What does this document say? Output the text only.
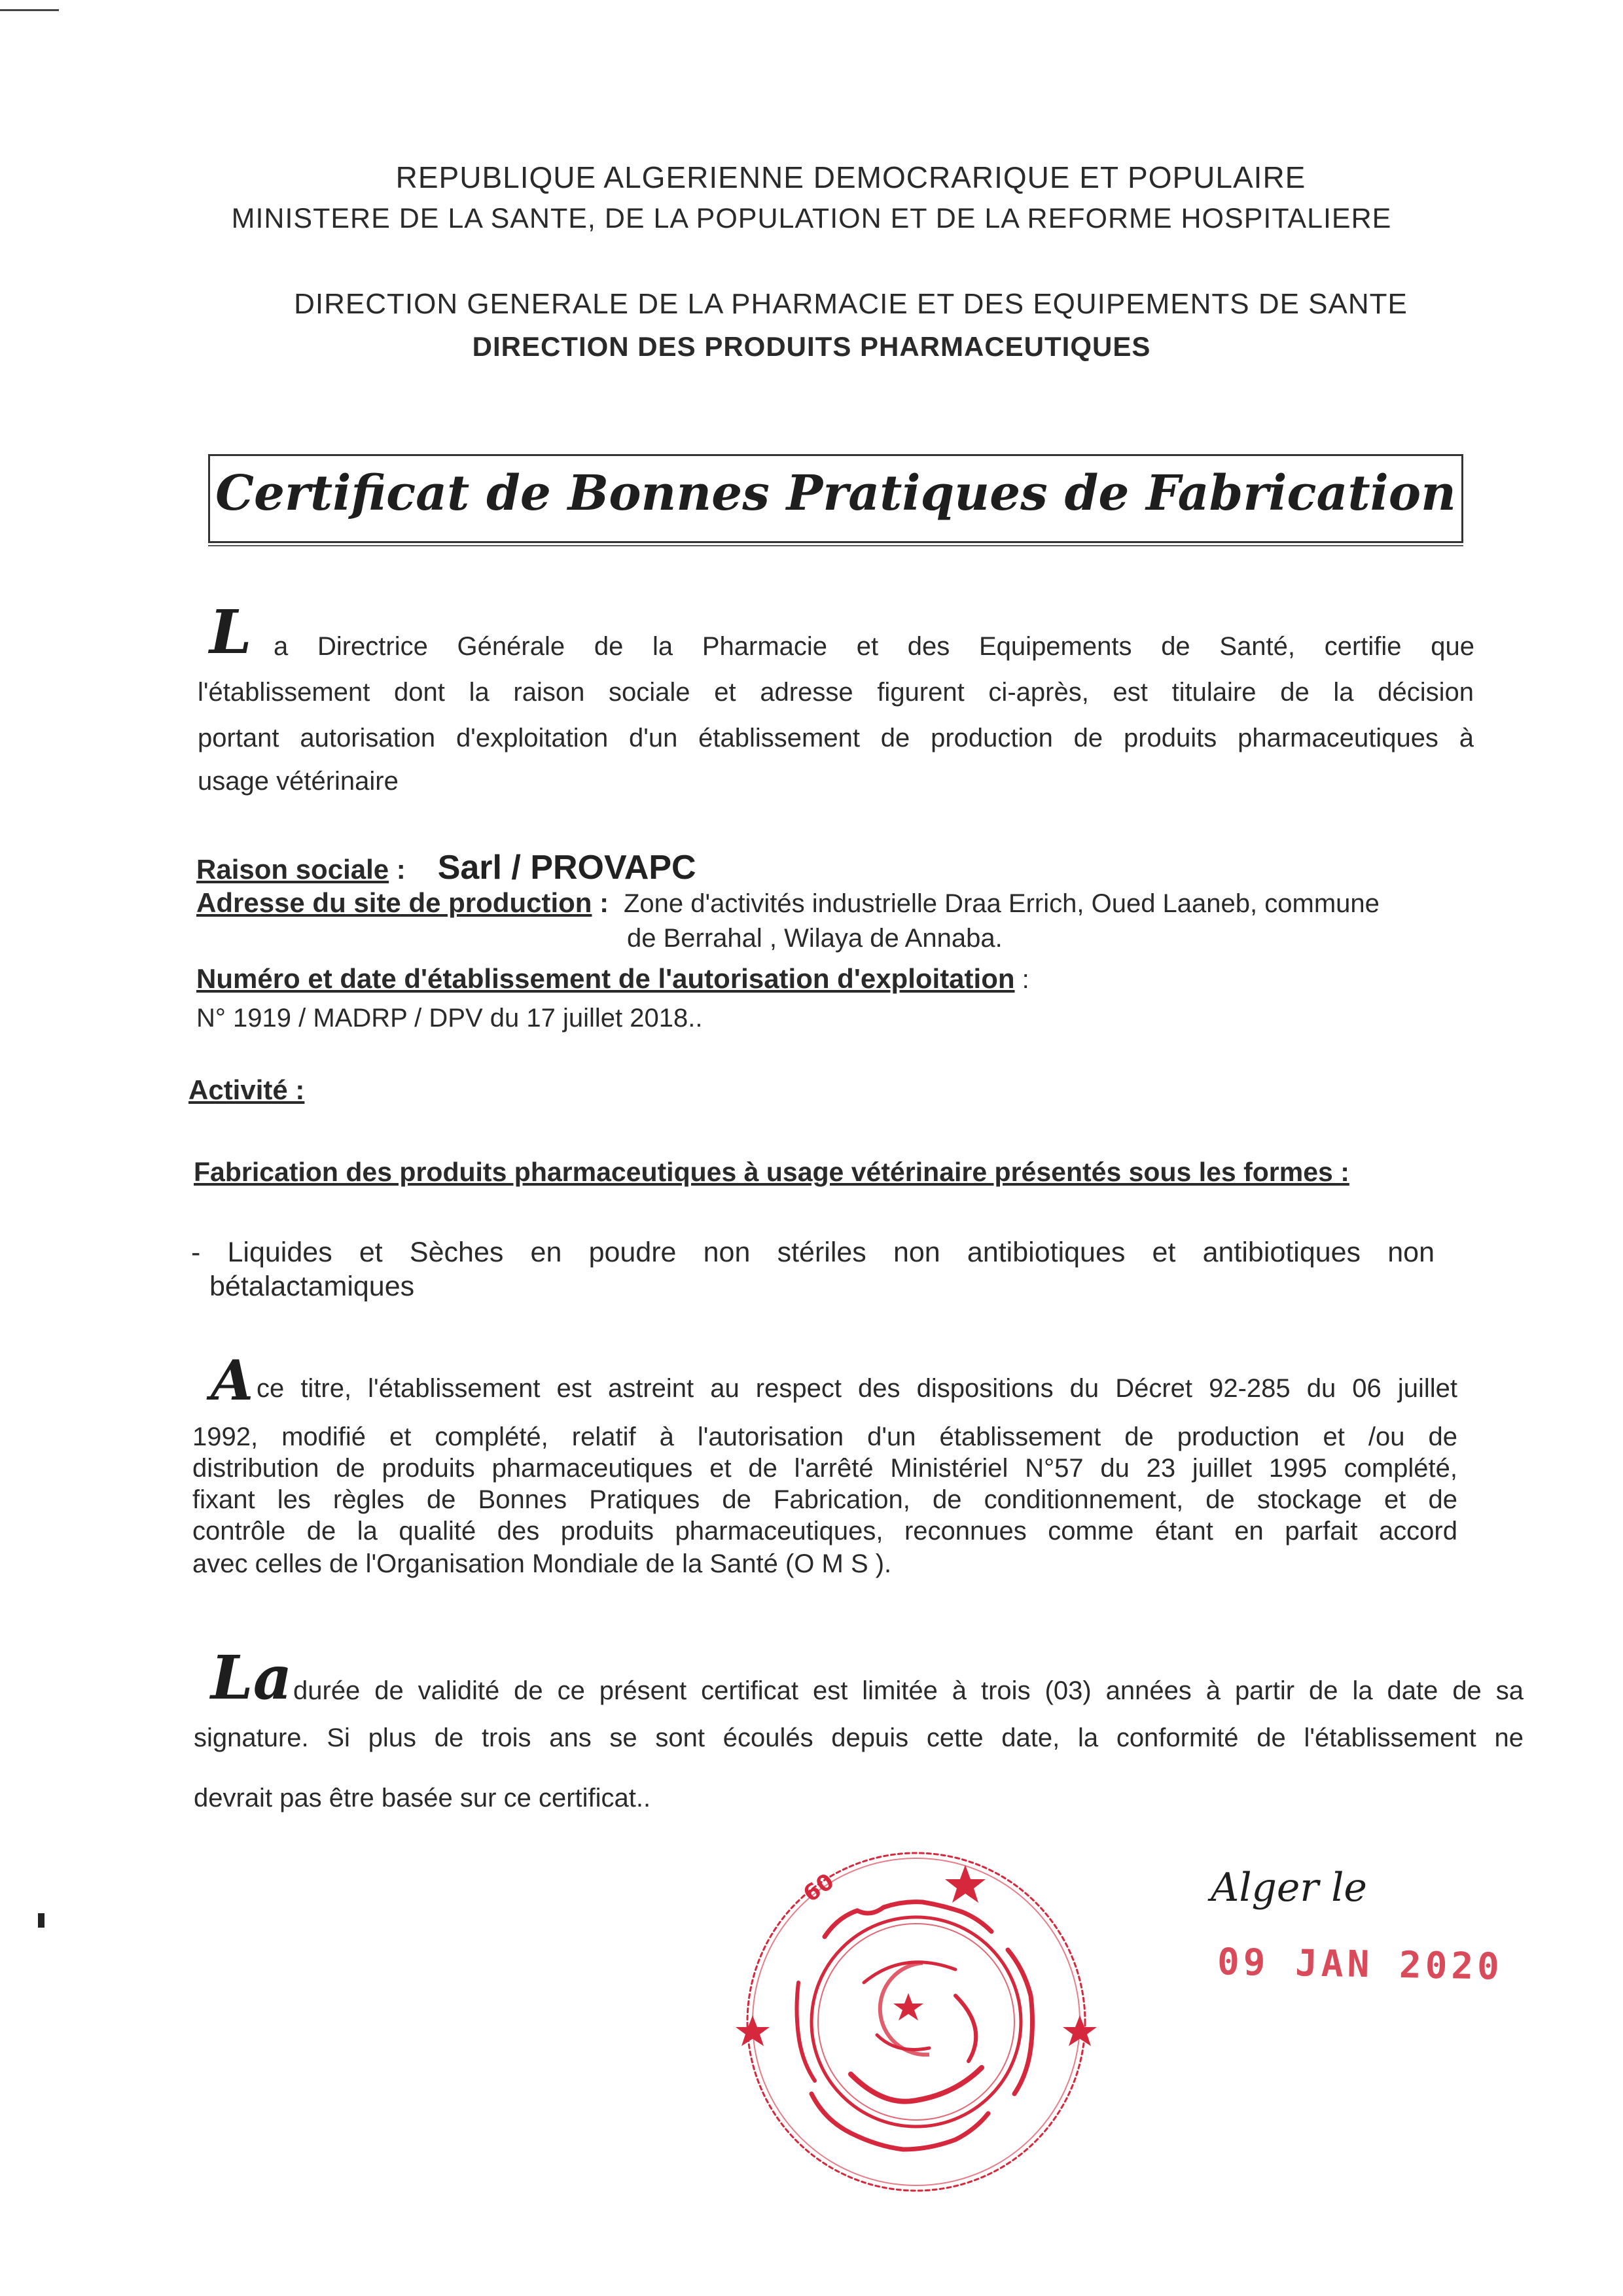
REPUBLIQUE ALGERIENNE DEMOCRARIQUE ET POPULAIRE
MINISTERE DE LA SANTE, DE LA POPULATION ET DE LA REFORME HOSPITALIERE
DIRECTION GENERALE DE LA PHARMACIE ET DES EQUIPEMENTS DE SANTE
DIRECTION DES PRODUITS PHARMACEUTIQUES
Certificat de Bonnes Pratiques de Fabrication
L a Directrice Générale de la Pharmacie et des Equipements de Santé, certifie que
l'établissement dont la raison sociale et adresse figurent ci-après, est titulaire de la décision
portant autorisation d'exploitation d'un établissement de production de produits pharmaceutiques à
usage vétérinaire
Raison sociale : Sarl / PROVAPC
Adresse du site de production : Zone d'activités industrielle Draa Errich, Oued Laaneb, commune
de Berrahal , Wilaya de Annaba.
Numéro et date d'établissement de l'autorisation d'exploitation :
N° 1919 / MADRP / DPV du 17 juillet 2018..
Activité :
Fabrication des produits pharmaceutiques à usage vétérinaire présentés sous les formes :
- Liquides et Sèches en poudre non stériles non antibiotiques et antibiotiques non
bétalactamiques
A ce titre, l'établissement est astreint au respect des dispositions du Décret 92-285 du 06 juillet
1992, modifié et complété, relatif à l'autorisation d'un établissement de production et /ou de
distribution de produits pharmaceutiques et de l'arrêté Ministériel N°57 du 23 juillet 1995 complété,
fixant les règles de Bonnes Pratiques de Fabrication, de conditionnement, de stockage et de
contrôle de la qualité des produits pharmaceutiques, reconnues comme étant en parfait accord
avec celles de l'Organisation Mondiale de la Santé (O M S ).
La durée de validité de ce présent certificat est limitée à trois (03) années à partir de la date de sa
signature. Si plus de trois ans se sont écoulés depuis cette date, la conformité de l'établissement ne
devrait pas être basée sur ce certificat..
Alger le
09 JAN 2020
60
